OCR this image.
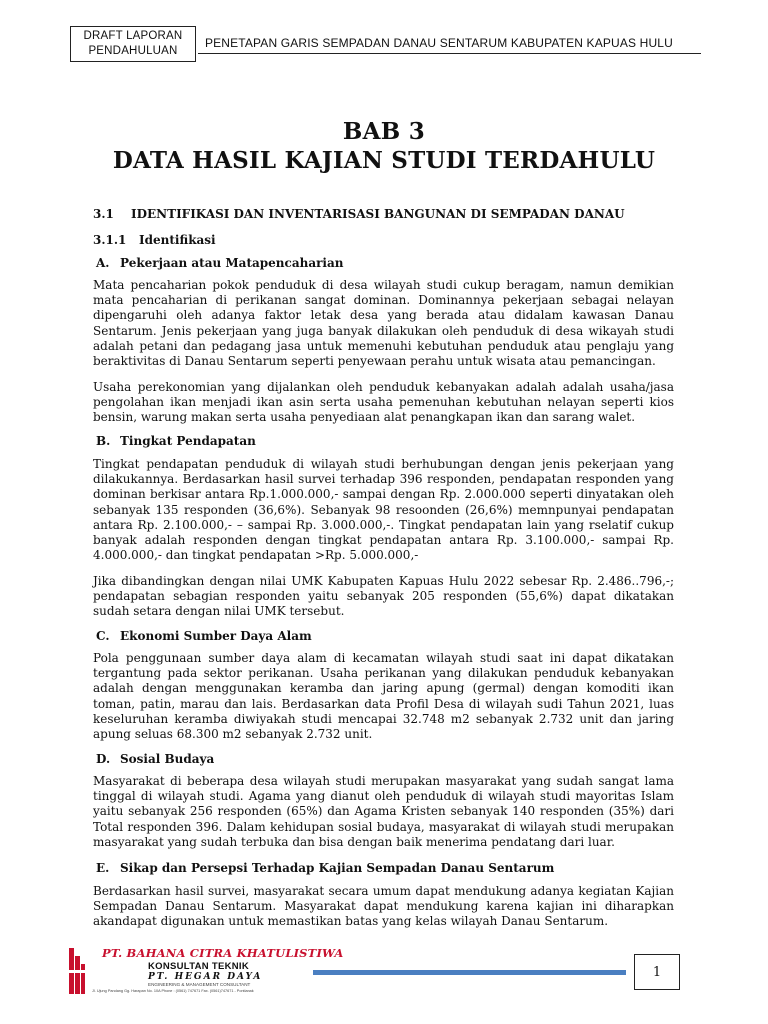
DRAFT LAPORAN
PENDAHULUAN
PENETAPAN GARIS SEMPADAN DANAU SENTARUM KABUPATEN KAPUAS HULU
BAB 3
DATA HASIL KAJIAN STUDI TERDAHULU
3.1 IDENTIFIKASI DAN INVENTARISASI BANGUNAN DI SEMPADAN DANAU
3.1.1 Identifikasi
A. Pekerjaan atau Matapencaharian
Mata pencaharian pokok penduduk di desa wilayah studi cukup beragam, namun demikian mata pencaharian di perikanan sangat dominan. Dominannya pekerjaan sebagai nelayan dipengaruhi oleh adanya faktor letak desa yang berada atau didalam kawasan Danau Sentarum. Jenis pekerjaan yang juga banyak dilakukan oleh penduduk di desa wikayah studi adalah petani dan pedagang jasa untuk memenuhi kebutuhan penduduk atau penglaju yang beraktivitas di Danau Sentarum seperti penyewaan perahu untuk wisata atau pemancingan.
Usaha perekonomian yang dijalankan oleh penduduk kebanyakan adalah adalah usaha/jasa pengolahan ikan menjadi ikan asin serta usaha pemenuhan kebutuhan nelayan seperti kios bensin, warung makan serta usaha penyediaan alat penangkapan ikan dan sarang walet.
B. Tingkat Pendapatan
Tingkat pendapatan penduduk di wilayah studi berhubungan dengan jenis pekerjaan yang dilakukannya. Berdasarkan hasil survei terhadap 396 responden, pendapatan responden yang dominan berkisar antara Rp.1.000.000,- sampai dengan Rp. 2.000.000 seperti dinyatakan oleh sebanyak 135 responden (36,6%). Sebanyak 98 resoonden (26,6%) memnpunyai pendapatan antara Rp. 2.100.000,- – sampai Rp. 3.000.000,-. Tingkat pendapatan lain yang rselatif cukup banyak adalah responden dengan tingkat pendapatan antara Rp. 3.100.000,- sampai Rp. 4.000.000,- dan tingkat pendapatan >Rp. 5.000.000,-
Jika dibandingkan dengan nilai UMK Kabupaten Kapuas Hulu 2022 sebesar Rp. 2.486..796,-; pendapatan sebagian responden yaitu sebanyak 205 responden (55,6%) dapat dikatakan sudah setara dengan nilai UMK tersebut.
C. Ekonomi Sumber Daya Alam
Pola penggunaan sumber daya alam di kecamatan wilayah studi saat ini dapat dikatakan tergantung pada sektor perikanan. Usaha perikanan yang dilakukan penduduk kebanyakan adalah dengan menggunakan keramba dan jaring apung (germal) dengan komoditi ikan toman, patin, marau dan lais. Berdasarkan data Profil Desa di wilayah sudi Tahun 2021, luas keseluruhan keramba diwiyakah studi mencapai 32.748 m2 sebanyak 2.732 unit dan jaring apung seluas 68.300 m2 sebanyak 2.732 unit.
D. Sosial Budaya
Masyarakat di beberapa desa wilayah studi merupakan masyarakat yang sudah sangat lama tinggal di wilayah studi. Agama yang dianut oleh penduduk di wilayah studi mayoritas Islam yaitu sebanyak 256 responden (65%) dan Agama Kristen sebanyak 140 responden (35%) dari Total responden 396. Dalam kehidupan sosial budaya, masyarakat di wilayah studi merupakan masyarakat yang sudah terbuka dan bisa dengan baik menerima pendatang dari luar.
E. Sikap dan Persepsi Terhadap Kajian Sempadan Danau Sentarum
Berdasarkan hasil survei, masyarakat secara umum dapat mendukung adanya kegiatan Kajian Sempadan Danau Sentarum. Masyarakat dapat mendukung karena kajian ini diharapkan akandapat digunakan untuk memastikan batas yang kelas wilayah Danau Sentarum.
PT. BAHANA CITRA KHATULISTIWA
KONSULTAN TEKNIK
PT. HEGAR DAYA
ENGINEERING & MANAGEMENT CONSULTANT
Jl. Ujung Pandang Gg. Harapan No. 10A Phone : (0561) 747671 Fax. (0561)747671 - Pontianak
1
